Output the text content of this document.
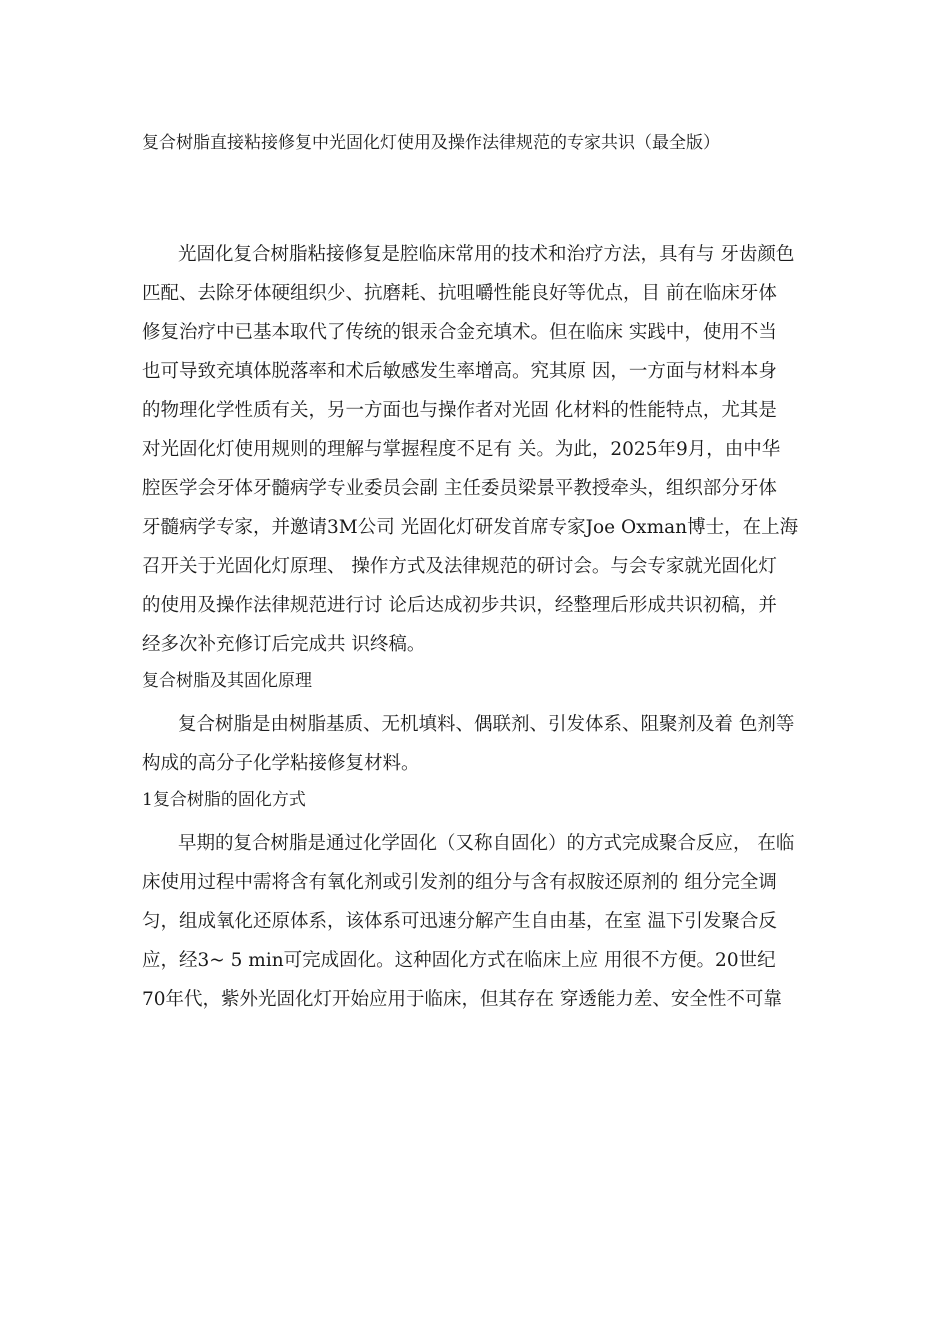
复合树脂直接粘接修复中光固化灯使用及操作法律规范的专家共识（最全版）

光固化复合树脂粘接修复是腔临床常用的技术和治疗方法，具有与 牙齿颜色

匹配、去除牙体硬组织少、抗磨耗、抗咀嚼性能良好等优点，目 前在临床牙体

修复治疗中已基本取代了传统的银汞合金充填术。但在临床 实践中，使用不当

也可导致充填体脱落率和术后敏感发生率增高。究其原 因，一方面与材料本身

的物理化学性质有关，另一方面也与操作者对光固 化材料的性能特点，尤其是

对光固化灯使用规则的理解与掌握程度不足有 关。为此，2025年9月，由中华

腔医学会牙体牙髓病学专业委员会副 主任委员梁景平教授牵头，组织部分牙体

牙髓病学专家，并邀请3M公司 光固化灯研发首席专家Joe Oxman博士，在上海

召开关于光固化灯原理、 操作方式及法律规范的研讨会。与会专家就光固化灯

的使用及操作法律规范进行讨 论后达成初步共识，经整理后形成共识初稿，并

经多次补充修订后完成共 识终稿。

复合树脂及其固化原理

复合树脂是由树脂基质、无机填料、偶联剂、引发体系、阻聚剂及着 色剂等

构成的高分子化学粘接修复材料。

1复合树脂的固化方式

早期的复合树脂是通过化学固化（又称自固化）的方式完成聚合反应， 在临

床使用过程中需将含有氧化剂或引发剂的组分与含有叔胺还原剂的 组分完全调

匀，组成氧化还原体系，该体系可迅速分解产生自由基，在室 温下引发聚合反

应，经3~ 5 min可完成固化。这种固化方式在临床上应 用很不方便。20世纪

70年代，紫外光固化灯开始应用于临床，但其存在 穿透能力差、安全性不可靠
